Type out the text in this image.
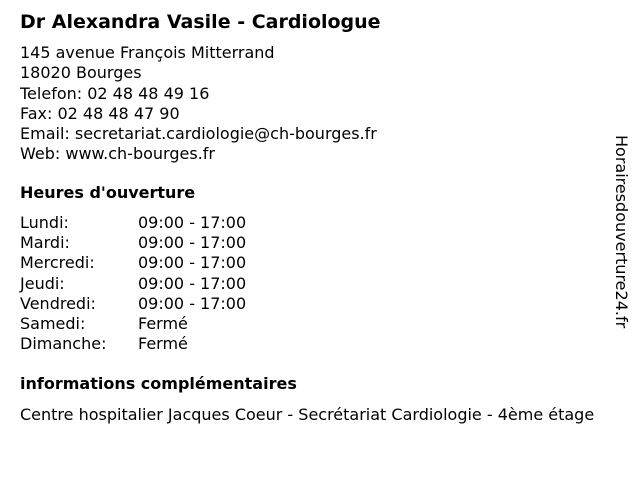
Dr Alexandra Vasile - Cardiologue
145 avenue François Mitterrand
18020 Bourges
Telefon: 02 48 48 49 16
Fax: 02 48 48 47 90
Email: secretariat.cardiologie@ch-bourges.fr
Web: www.ch-bourges.fr
Heures d'ouverture
Lundi:	09:00 - 17:00
Mardi:	09:00 - 17:00
Mercredi:	09:00 - 17:00
Jeudi:	09:00 - 17:00
Vendredi:	09:00 - 17:00
Samedi:	Fermé
Dimanche: Fermé
informations complémentaires
Centre hospitalier Jacques Coeur - Secrétariat Cardiologie - 4ème étage
Horairesdouverture24.fr
